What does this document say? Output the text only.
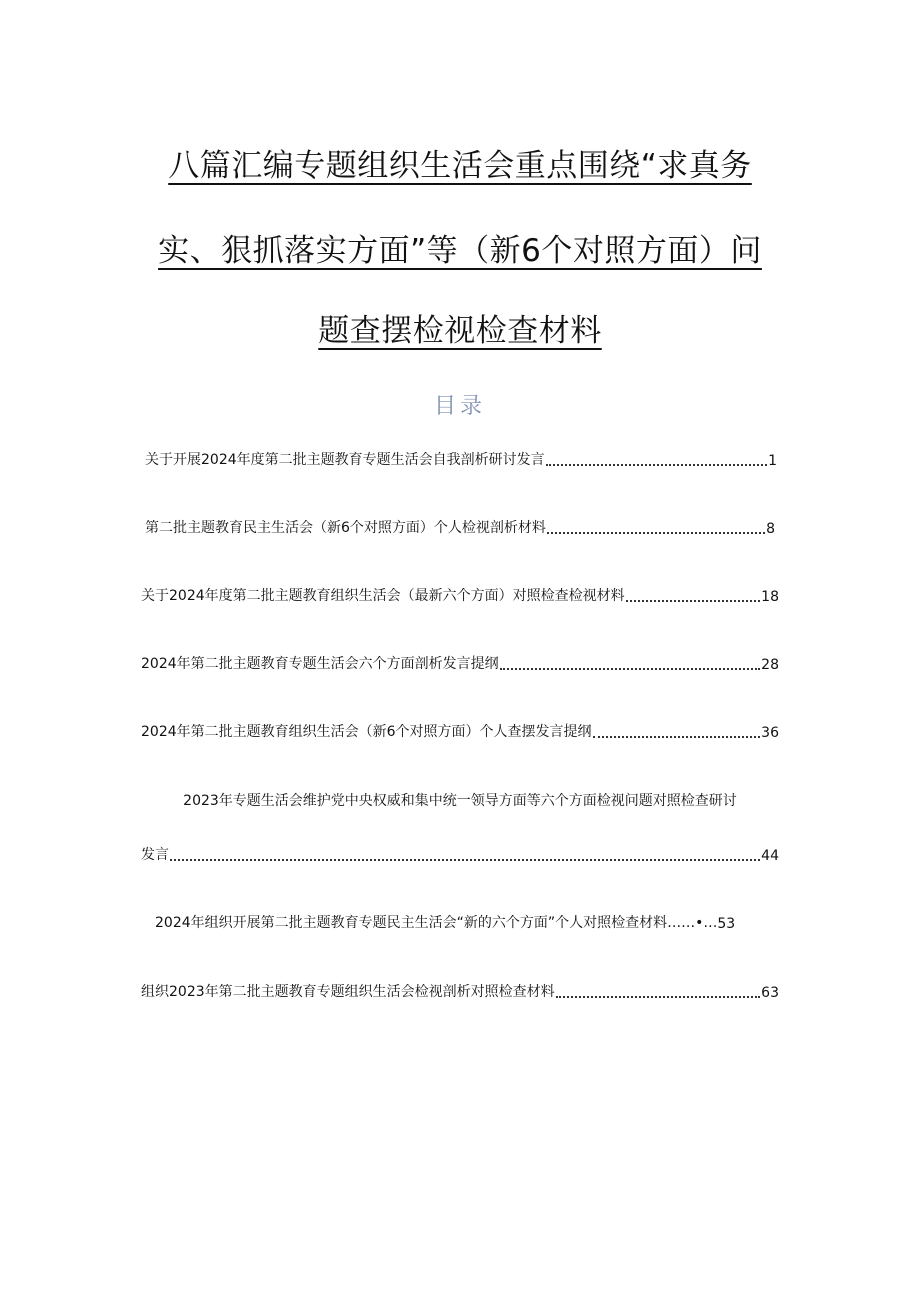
八篇汇编专题组织生活会重点围绕“求真务
实、狠抓落实方面”等（新6个对照方面）问
题查摆检视检查材料
目录
关于开展2024年度第二批主题教育专题生活会自我剖析研讨发言	1
第二批主题教育民主生活会（新6个对照方面）个人检视剖析材料	8
关于2024年度第二批主题教育组织生活会（最新六个方面）对照检查检视材料	18
2024年第二批主题教育专题生活会六个方面剖析发言提纲	28
2024年第二批主题教育组织生活会（新6个对照方面）个人查摆发言提纲	36
2023年专题生活会维护党中央权威和集中统一领导方面等六个方面检视问题对照检查研讨
发言	44
2024年组织开展第二批主题教育专题民主生活会“新的六个方面”个人对照检查材料……•… 53
组织2023年第二批主题教育专题组织生活会检视剖析对照检查材料	63
